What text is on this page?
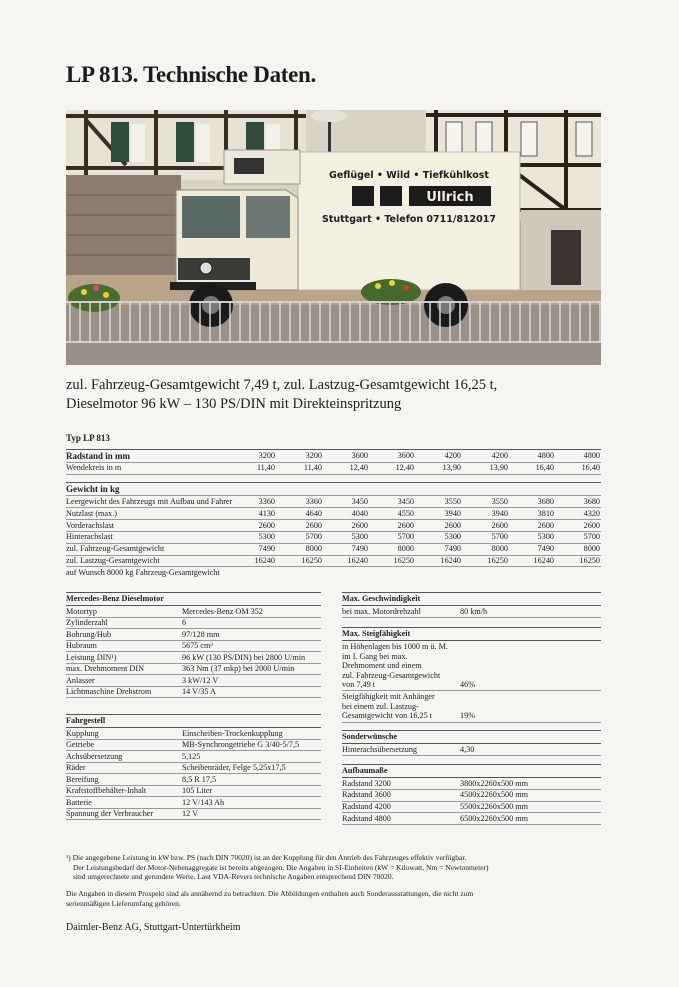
LP 813. Technische Daten.
Geflügel • Wild • Tiefkühlkost
Ullrich
Stuttgart • Telefon 0711/812017
zul. Fahrzeug-Gesamtgewicht 7,49 t, zul. Lastzug-Gesamtgewicht 16,25 t,
Dieselmotor 96 kW – 130 PS/DIN mit Direkteinspritzung
Typ LP 813
Radstand in mm	3200	3200	3600	3600	4200	4200	4800	4800
Wendekreis in m	11,40	11,40	12,40	12,40	13,90	13,90	16,40	16,40
Gewicht in kg
Leergewicht des Fahrzeugs mit Aufbau und Fahrer	3360	3360	3450	3450	3550	3550	3680	3680
Nutzlast (max.)	4130	4640	4040	4550	3940	3940	3810	4320
Vorderachslast	2600	2600	2600	2600	2600	2600	2600	2600
Hinterachslast	5300	5700	5300	5700	5300	5700	5300	5700
zul. Fahrzeug-Gesamtgewicht	7490	8000	7490	8000	7490	8000	7490	8000
zul. Lastzug-Gesamtgewicht	16240	16250	16240	16250	16240	16250	16240	16250
auf Wunsch 8000 kg Fahrzeug-Gesamtgewicht
Mercedes-Benz Dieselmotor
Motortyp	Mercedes-Benz OM 352
Zylinderzahl	6
Bohrung/Hub	97/128 mm
Hubraum	5675 cm³
Leistung DIN¹)	96 kW (130 PS/DIN) bei 2800 U/min
max. Drehmoment DIN	363 Nm (37 mkp) bei 2000 U/min
Anlasser	3 kW/12 V
Lichtmaschine Drehstrom	14 V/35 A
Fahrgestell
Kupplung	Einscheiben-Trockenkupplung
Getriebe	MB-Synchrongetriebe G 3/40-5/7,5
Achsübersetzung	5,125
Räder	Scheibenräder, Felge 5,25x17,5
Bereifung	8,5 R 17,5
Kraftstoffbehälter-Inhalt	105 Liter
Batterie	12 V/143 Ah
Spannung der Verbraucher	12 V
Max. Geschwindigkeit
bei max. Motordrehzahl	80 km/h
Max. Steigfähigkeit
in Höhenlagen bis 1000 m ü. M.
im I. Gang bei max.
Drehmoment und einem
zul. Fahrzeug-Gesamtgewicht
von 7,49 t	46%
Steigfähigkeit mit Anhänger
bei einem zul. Lastzug-
Gesamtgewicht von 16,25 t	19%
Sonderwünsche
Hinterachsübersetzung	4,30
Aufbaumaße
Radstand 3200	3800x2260x500 mm
Radstand 3600	4500x2260x500 mm
Radstand 4200	5500x2260x500 mm
Radstand 4800	6500x2260x500 mm
¹) Die angegebene Leistung in kW bzw. PS (nach DIN 70020) ist an der Kupplung für den Antrieb des Fahrzeuges effektiv verfügbar.
Der Leistungsbedarf der Motor-Nebenaggregate ist bereits abgezogen. Die Angaben in SI-Einheiten (kW = Kilowatt, Nm = Newtonmeter)
sind umgerechnete und gerundete Werte. Laut VDA-Revers technische Angaben entsprechend DIN 70020.
Die Angaben in diesem Prospekt sind als annähernd zu betrachten. Die Abbildungen enthalten auch Sonderausstattungen, die nicht zum
serienmäßigen Lieferumfang gehören.
Daimler-Benz AG, Stuttgart-Untertürkheim
